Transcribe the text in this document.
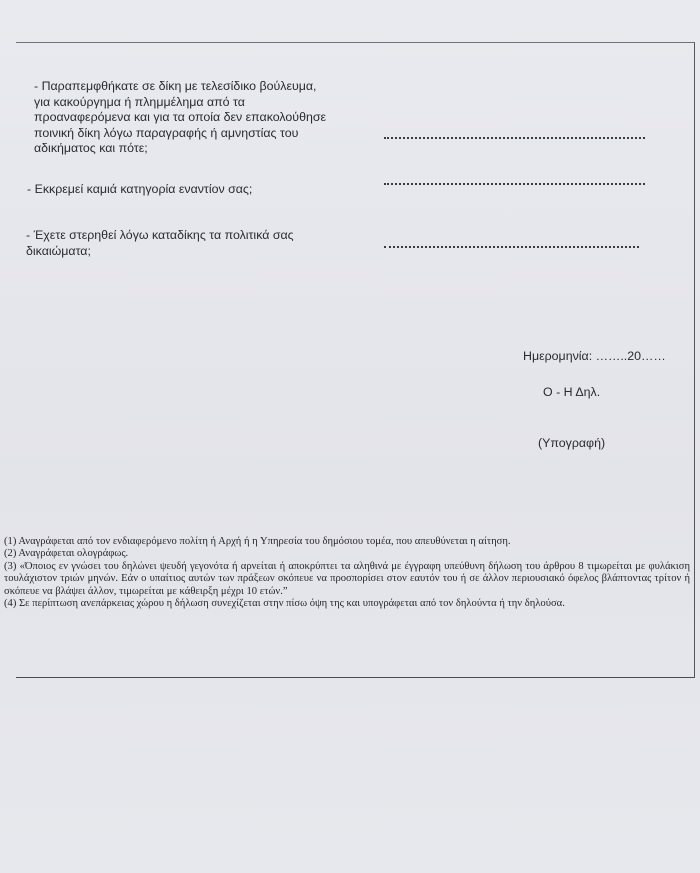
- Παραπεμφθήκατε σε δίκη με τελεσίδικο βούλευμα,
για κακούργημα ή πλημμέλημα από τα
προαναφερόμενα και για τα οποία δεν επακολούθησε
ποινική δίκη λόγω παραγραφής ή αμνηστίας του
αδικήματος και πότε;
- Εκκρεμεί καμιά κατηγορία εναντίον σας;
- Έχετε στερηθεί λόγω καταδίκης τα πολιτικά σας
δικαιώματα;
Ημερομηνία: ……..20……
Ο - Η Δηλ.
(Υπογραφή)
(1) Αναγράφεται από τον ενδιαφερόμενο πολίτη ή Αρχή ή η Υπηρεσία του δημόσιου τομέα, που απευθύνεται η αίτηση.
(2) Αναγράφεται ολογράφως.
(3) «Όποιος εν γνώσει του δηλώνει ψευδή γεγονότα ή αρνείται ή αποκρύπτει τα αληθινά με έγγραφη υπεύθυνη δήλωση του άρθρου 8 τιμωρείται με φυλάκιση τουλάχιστον τριών μηνών. Εάν ο υπαίτιος αυτών των πράξεων σκόπευε να προσπορίσει στον εαυτόν του ή σε άλλον περιουσιακό όφελος βλάπτοντας τρίτον ή σκόπευε να βλάψει άλλον, τιμωρείται με κάθειρξη μέχρι 10 ετών.”
(4) Σε περίπτωση ανεπάρκειας χώρου η δήλωση συνεχίζεται στην πίσω όψη της και υπογράφεται από τον δηλούντα ή την δηλούσα.
